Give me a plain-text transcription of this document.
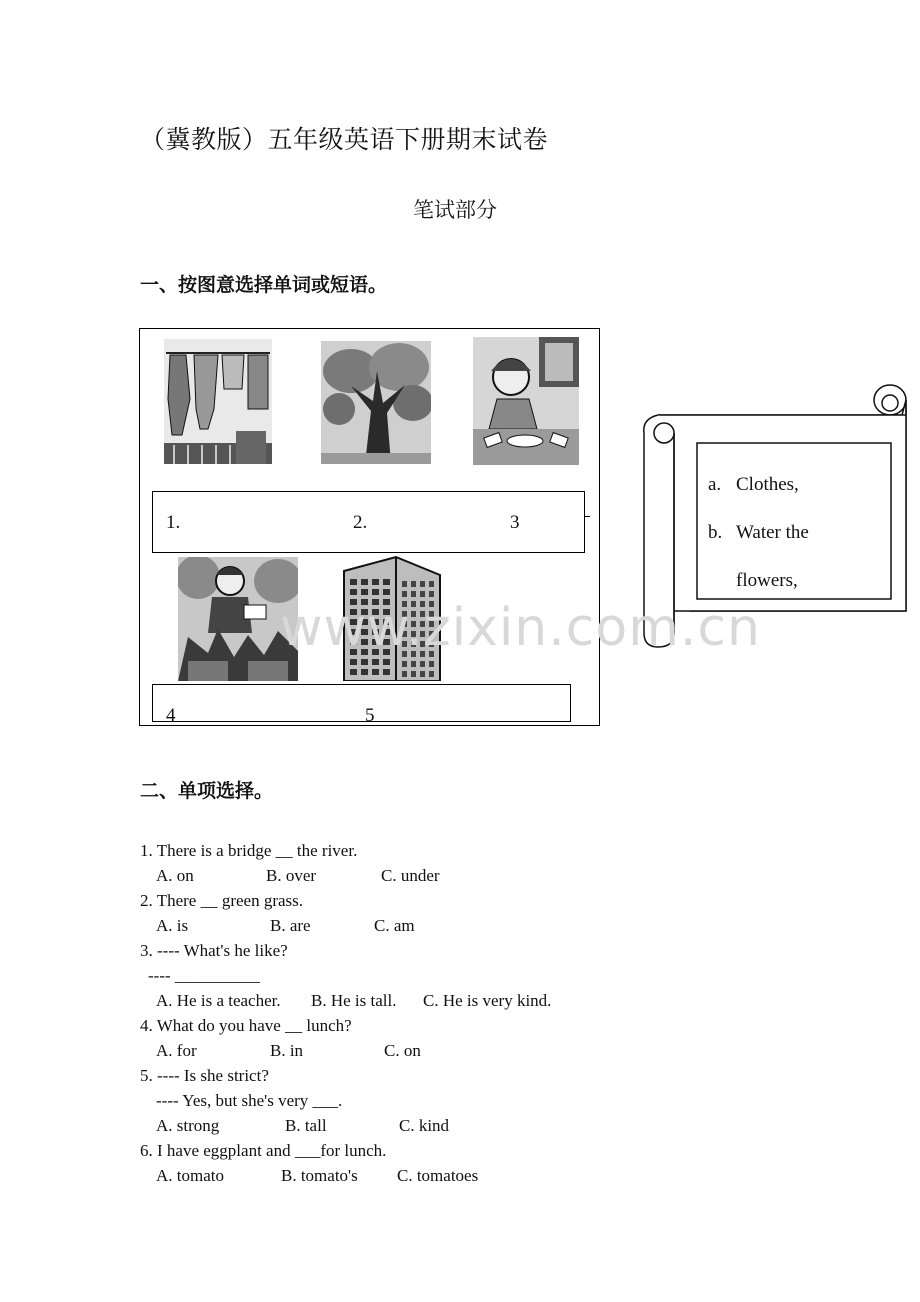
（冀教版）五年级英语下册期末试卷
笔试部分
一、按图意选择单词或短语。
1.	2.	3
4	5
a. Clothes,
b. Water the
flowers,
www.zixin.com.cn
二、单项选择。
1. There is a bridge __ the river.
A. on	B. over	C. under
2. There __ green grass.
A. is	B. are	C. am
3. ---- What's he like?
---- __________
A. He is a teacher. B. He is tall. C. He is very kind.
4. What do you have __ lunch?
A. for	B. in	C. on
5. ---- Is she strict?
---- Yes, but she's very ___.
A. strong	B. tall	C. kind
6. I have eggplant and ___for lunch.
A. tomato	B. tomato's C. tomatoes
